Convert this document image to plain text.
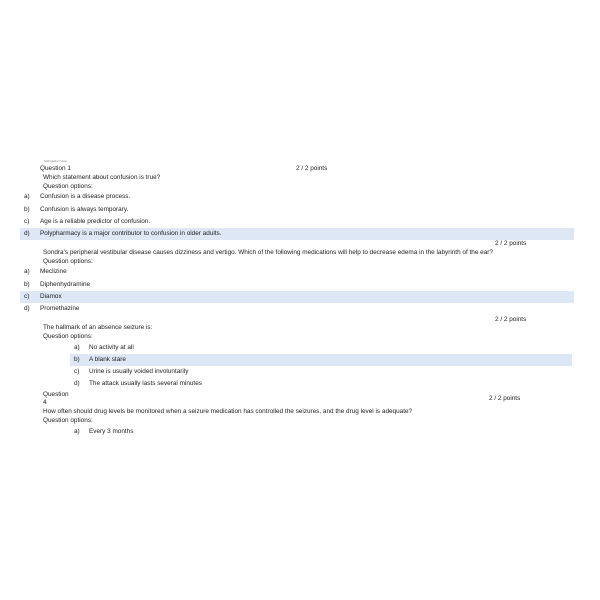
Submission View
Question 1	2 / 2 points
Which statement about confusion is true?
Question options:
a) Confusion is a disease process.
b) Confusion is always temporary.
c) Age is a reliable predictor of confusion.
d) Polypharmacy is a major contributor to confusion in older adults.
2 / 2 points
Sondra’s peripheral vestibular disease causes dizziness and vertigo. Which of the following medications will help to decrease edema in the labyrinth of the ear?
Question options:
a) Meclizine
b) Diphenhydramine
c) Diamox
d) Promethazine
2 / 2 points
The hallmark of an absence seizure is:
Question options:
a) No activity at all
b) A blank stare
c) Urine is usually voided involuntarily
d) The attack usually lasts several minutes
Question
4
2 / 2 points
How often should drug levels be monitored when a seizure medication has controlled the seizures, and the drug level is adequate?
Question options:
a) Every 3 months
